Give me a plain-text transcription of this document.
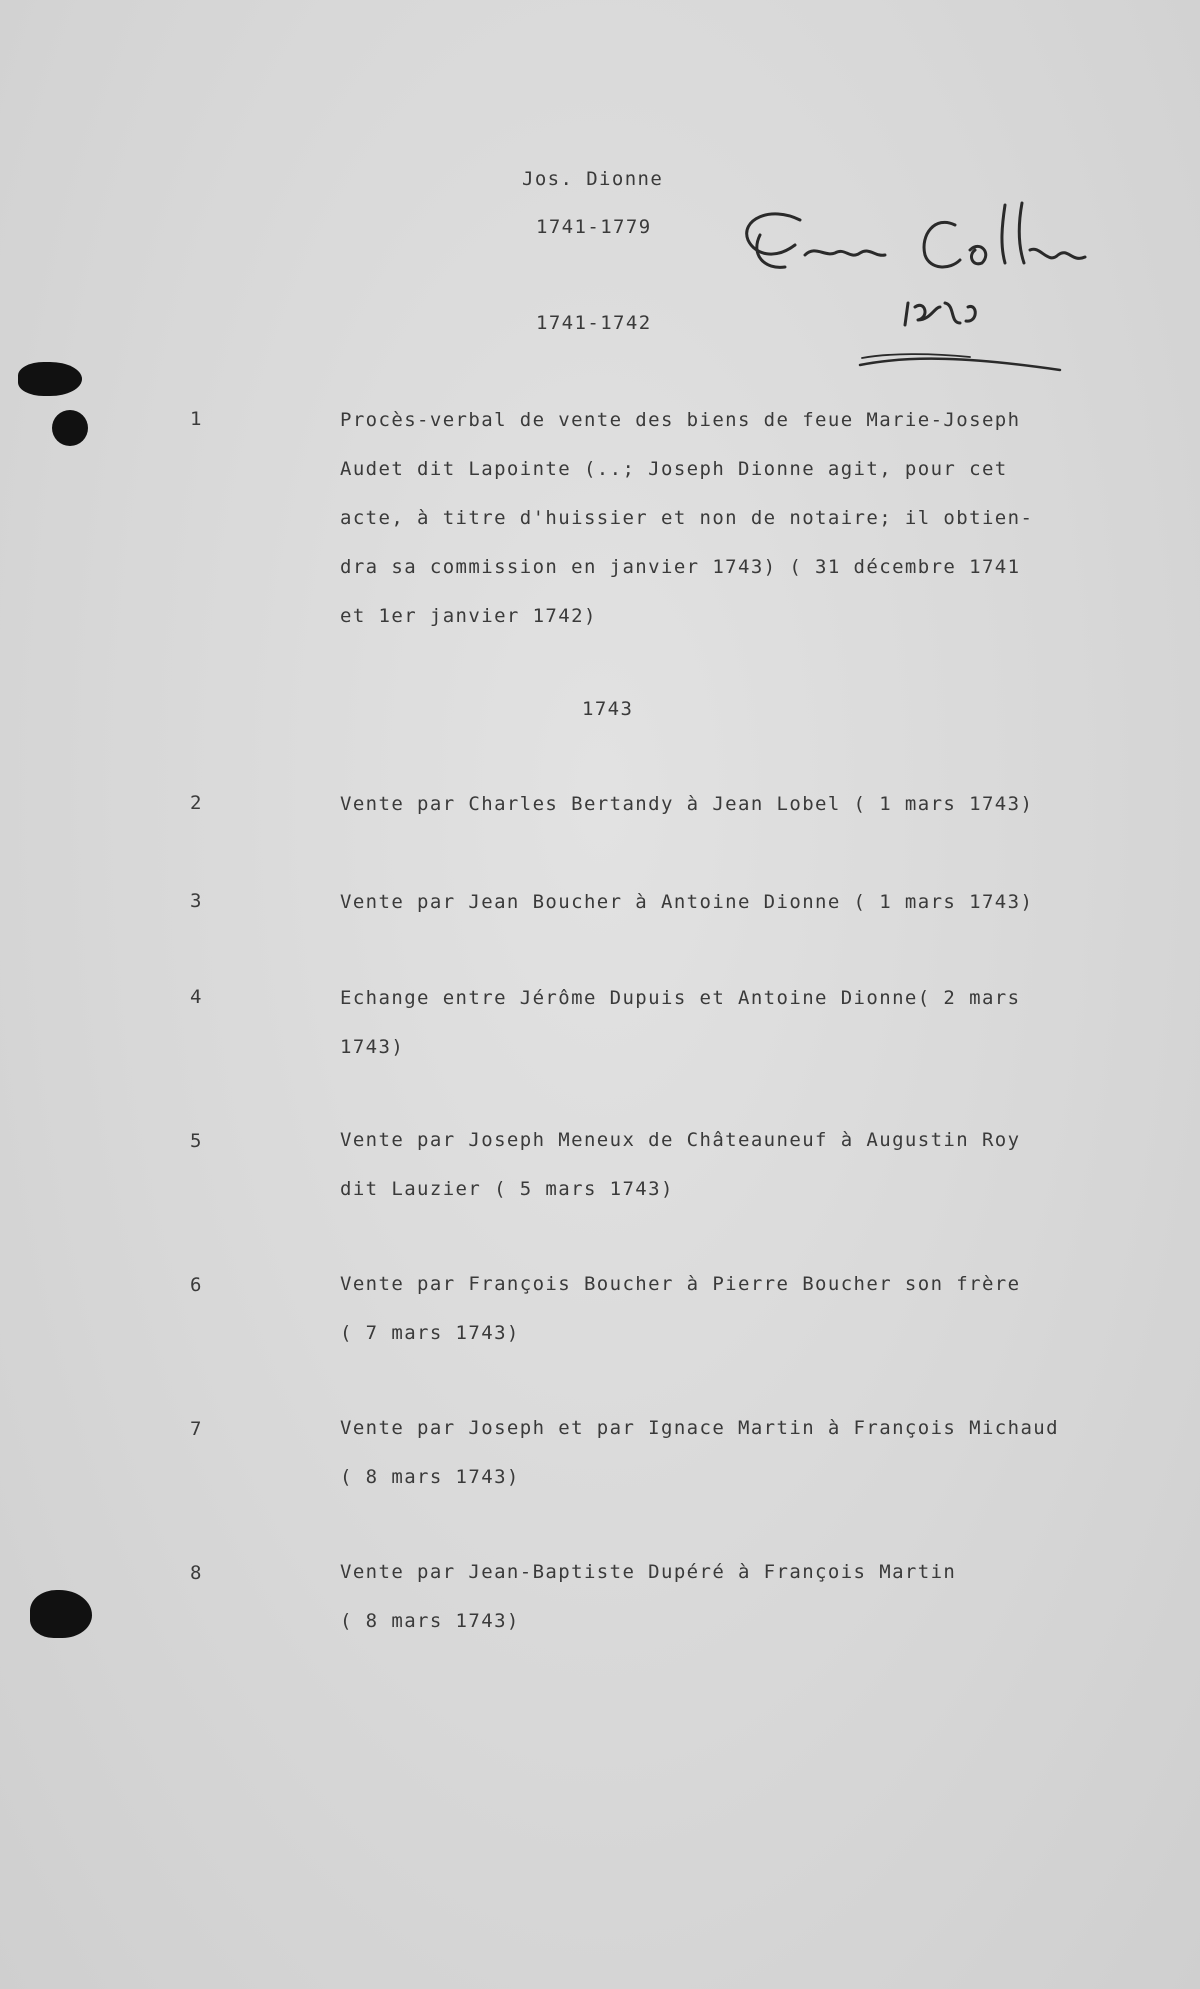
Jos. Dionne
1741-1779
1741-1742
1	Procès-verbal de vente des biens de feue Marie-Joseph
Audet dit Lapointe (..; Joseph Dionne agit, pour cet
acte, à titre d'huissier et non de notaire; il obtien-
dra sa commission en janvier 1743) ( 31 décembre 1741
et 1er janvier 1742)
1743
2	Vente par Charles Bertandy à Jean Lobel ( 1 mars 1743)
3	Vente par Jean Boucher à Antoine Dionne ( 1 mars 1743)
4	Echange entre Jérôme Dupuis et Antoine Dionne( 2 mars
1743)
5	Vente par Joseph Meneux de Châteauneuf à Augustin Roy
dit Lauzier ( 5 mars 1743)
6	Vente par François Boucher à Pierre Boucher son frère
( 7 mars 1743)
7	Vente par Joseph et par Ignace Martin à François Michaud
( 8 mars 1743)
8	Vente par Jean-Baptiste Dupéré à François Martin
( 8 mars 1743)
